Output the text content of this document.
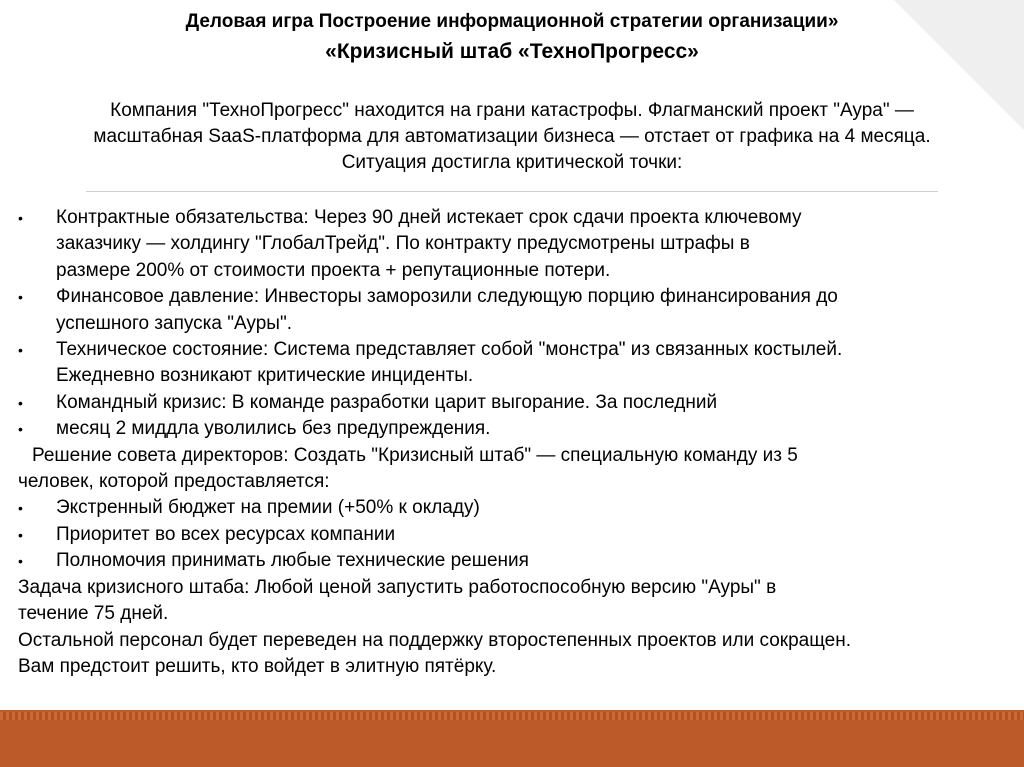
Деловая игра Построение информационной стратегии организации»

«Кризисный штаб «ТехноПрогресс»

Компания "ТехноПрогресс" находится на грани катастрофы. Флагманский проект "Аура" —
масштабная SaaS-платформа для автоматизации бизнеса — отстает от графика на 4 месяца.
Ситуация достигла критической точки:
• Контрактные обязательства: Через 90 дней истекает срок сдачи проекта ключевому
заказчику — холдингу "ГлобалТрейд". По контракту предусмотрены штрафы в
размере 200% от стоимости проекта + репутационные потери.
• Финансовое давление: Инвесторы заморозили следующую порцию финансирования до
успешного запуска "Ауры".
• Техническое состояние: Система представляет собой "монстра" из связанных костылей.
Ежедневно возникают критические инциденты.
• Командный кризис: В команде разработки царит выгорание. За последний
• месяц 2 миддла уволились без предупреждения.
Решение совета директоров: Создать "Кризисный штаб" — специальную команду из 5
человек, которой предоставляется:
• Экстренный бюджет на премии (+50% к окладу)
• Приоритет во всех ресурсах компании
• Полномочия принимать любые технические решения
Задача кризисного штаба: Любой ценой запустить работоспособную версию "Ауры" в
течение 75 дней.
Остальной персонал будет переведен на поддержку второстепенных проектов или сокращен.
Вам предстоит решить, кто войдет в элитную пятёрку.
